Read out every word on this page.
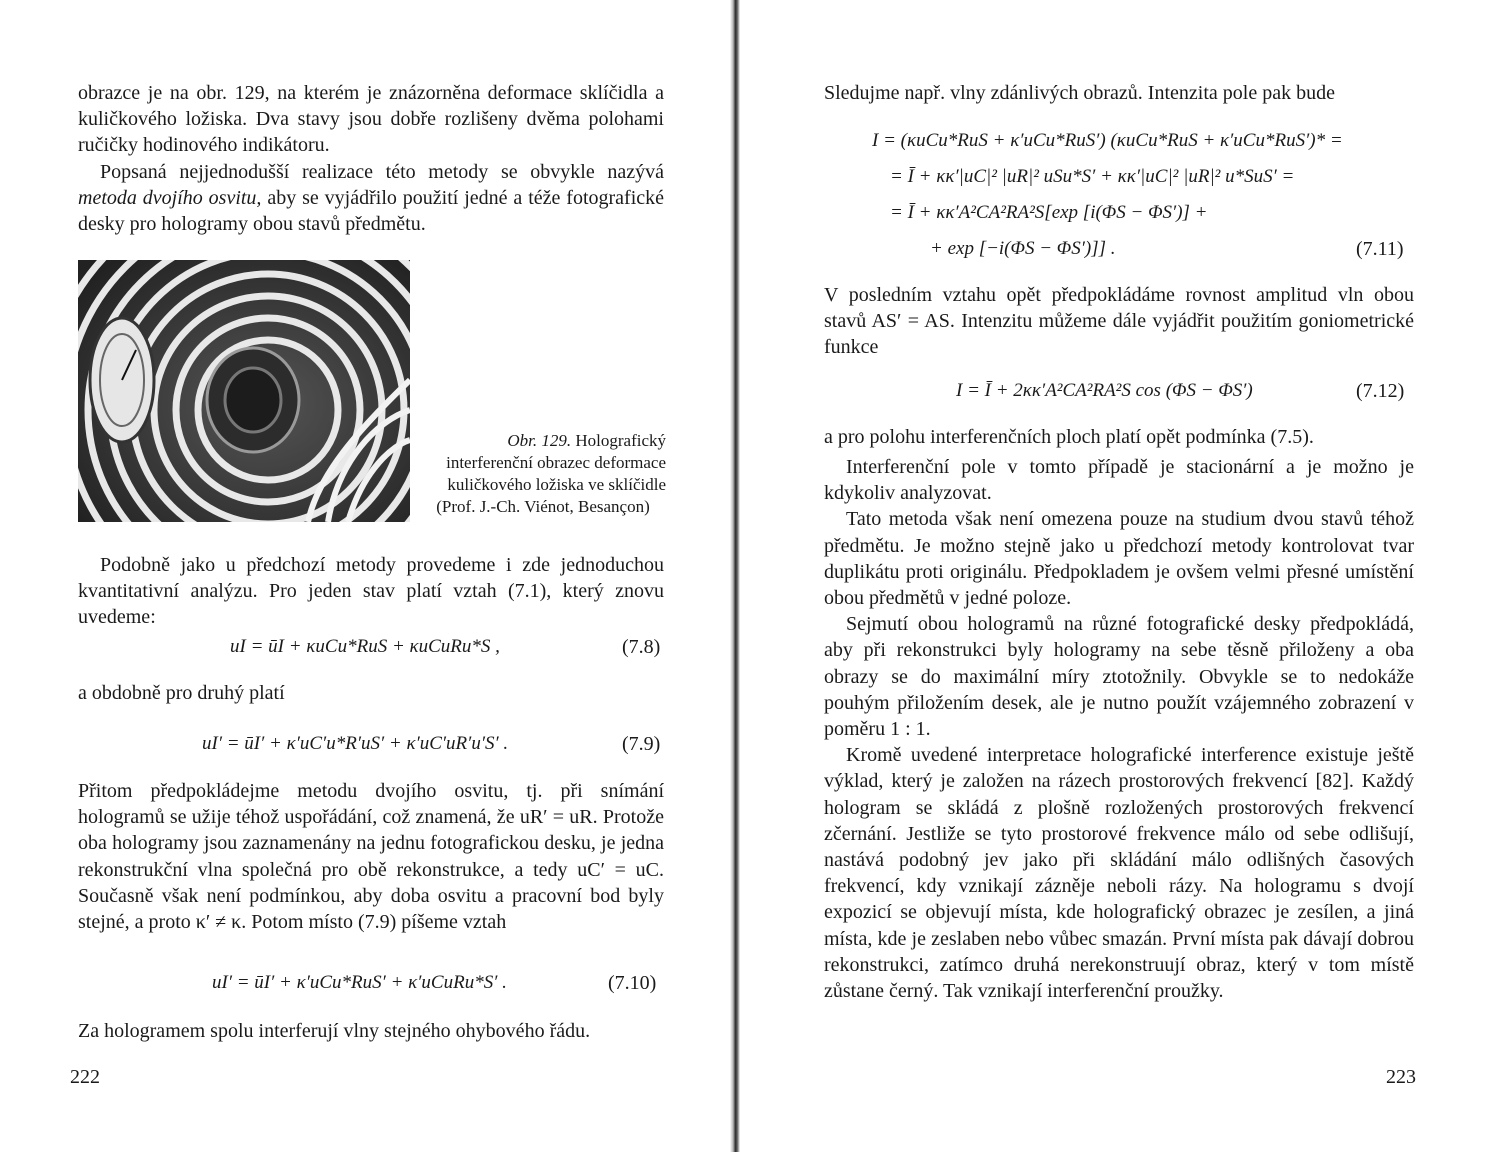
obrazce je na obr. 129, na kterém je znázorněna deformace sklíčidla a kuličkového ložiska. Dva stavy jsou dobře rozlišeny dvěma polohami ručičky hodinového indikátoru.

Popsaná nejjednodušší realizace této metody se obvykle nazývá metoda dvojího osvitu, aby se vyjádřilo použití jedné a téže fotografické desky pro hologramy obou stavů předmětu.

Obr. 129. Holografický interferenční obrazec deformace kuličkového ložiska ve sklíčidle
(Prof. J.-Ch. Viénot, Besançon)
Podobně jako u předchozí metody provedeme i zde jednoduchou kvantitativní analýzu. Pro jeden stav platí vztah (7.1), který znovu uvedeme:
uI = ūI + κuCu*RuS + κuCuRu*S ,	(7.8)
a obdobně pro druhý platí
uI′ = ūI′ + κ′uC′u*R′uS′ + κ′uC′uR′u′S′ .	(7.9)
Přitom předpokládejme metodu dvojího osvitu, tj. při snímání hologramů se užije téhož uspořádání, což znamená, že uR′ = uR. Protože oba hologramy jsou zaznamenány na jednu fotografickou desku, je jedna rekonstrukční vlna společná pro obě rekonstrukce, a tedy uC′ = uC. Současně však není podmínkou, aby doba osvitu a pracovní bod byly stejné, a proto κ′ ≠ κ. Potom místo (7.9) píšeme vztah
uI′ = ūI′ + κ′uCu*RuS′ + κ′uCuRu*S′ .	(7.10)
Za hologramem spolu interferují vlny stejného ohybového řádu.
222
Sledujme např. vlny zdánlivých obrazů. Intenzita pole pak bude
I = (κuCu*RuS + κ′uCu*RuS′) (κuCu*RuS + κ′uCu*RuS′)* =
= Ī + κκ′|uC|² |uR|² uSu*S′ + κκ′|uC|² |uR|² u*SuS′ =
= Ī + κκ′A²CA²RA²S[exp [i(ΦS − ΦS′)] +
+ exp [−i(ΦS − ΦS′)]] .	(7.11)
V posledním vztahu opět předpokládáme rovnost amplitud vln obou stavů AS′ = AS. Intenzitu můžeme dále vyjádřit použitím goniometrické funkce
I = Ī + 2κκ′A²CA²RA²S cos (ΦS − ΦS′)	(7.12)
a pro polohu interferenčních ploch platí opět podmínka (7.5).

Interferenční pole v tomto případě je stacionární a je možno je kdykoliv analyzovat.

Tato metoda však není omezena pouze na studium dvou stavů téhož předmětu. Je možno stejně jako u předchozí metody kontrolovat tvar duplikátu proti originálu. Předpokladem je ovšem velmi přesné umístění obou předmětů v jedné poloze.

Sejmutí obou hologramů na různé fotografické desky předpokládá, aby při rekonstrukci byly hologramy na sebe těsně přiloženy a oba obrazy se do maximální míry ztotožnily. Obvykle se to nedokáže pouhým přiložením desek, ale je nutno použít vzájemného zobrazení v poměru 1 : 1.

Kromě uvedené interpretace holografické interference existuje ještě výklad, který je založen na rázech prostorových frekvencí [82]. Každý hologram se skládá z plošně rozložených prostorových frekvencí zčernání. Jestliže se tyto prostorové frekvence málo od sebe odlišují, nastává podobný jev jako při skládání málo odlišných časových frekvencí, kdy vznikají zázněje neboli rázy. Na hologramu s dvojí expozicí se objevují místa, kde holografický obrazec je zesílen, a jiná místa, kde je zeslaben nebo vůbec smazán. První místa pak dávají dobrou rekonstrukci, zatímco druhá nerekonstruují obraz, který v tom místě zůstane černý. Tak vznikají interferenční proužky.

223
